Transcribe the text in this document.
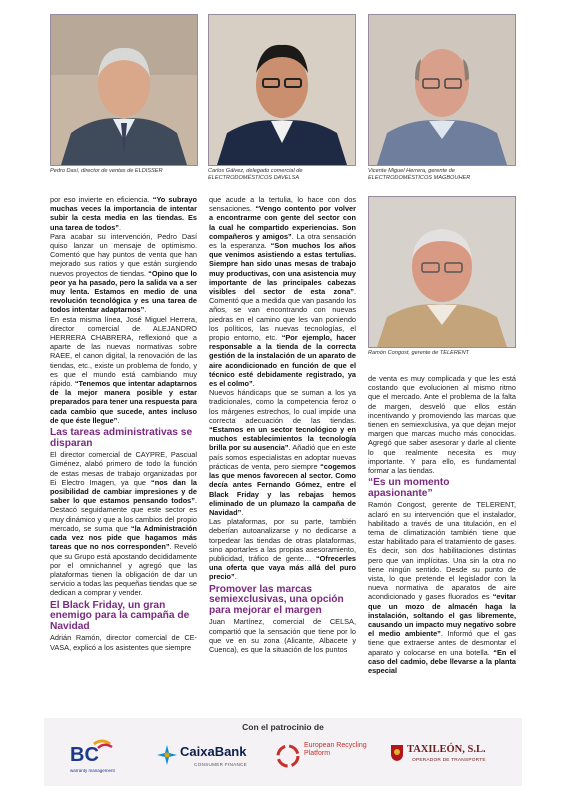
Pedro Dasí, director de ventas de ELDISSER	Carlos Gálvez, delegado comercial de ELECTRODOMÉSTICOS DAVELSA
Vicente Miguel Herrera, gerente de ELECTRODOMÉSTICOS MAGBOUHER
Ramón Congost, gerente de TELERENT

por eso invierte en eficiencia. “Yo subrayo muchas veces la importancia de intentar subir la cesta media en las tiendas. Es una tarea de todos”.

Para acabar su intervención, Pedro Dasí quiso lanzar un mensaje de optimismo. Comentó que hay puntos de venta que han mejorado sus ratios y que están surgiendo nuevos proyectos de tiendas. “Opino que lo peor ya ha pasado, pero la salida va a ser muy lenta. Estamos en medio de una revolución tecnológica y es una tarea de todos intentar adaptarnos”.

En esta misma línea, José Miguel Herrera, director comercial de ALEJANDRO HERRERA CHABRERA, reflexionó que a aparte de las nuevas normativas sobre RAEE, el canon digital, la renovación de las tiendas, etc., existe un problema de fondo, y es que el mundo está cambiando muy rápido. “Tenemos que intentar adaptarnos de la mejor manera posible y estar preparados para tener una respuesta para cada cambio que sucede, antes incluso de que éste llegue”.

Las tareas administrativas se disparan

El director comercial de CAYPRE, Pascual Giménez, alabó primero de todo la función de estas mesas de trabajo organizadas por Ei Electro Imagen, ya que “nos dan la posibilidad de cambiar impresiones y de saber lo que estamos pensando todos”. Destacó seguidamente que este sector es muy dinámico y que a los cambios del propio mercado, se suma que “la Administración cada vez nos pide que hagamos más tareas que no nos corresponden”. Reveló que su Grupo está apostando decididamente por el omnichannel y agregó que las plataformas tienen la obligación de dar un servicio a todas las pequeñas tiendas que se dedican a comprar y vender.

El Black Friday, un gran enemigo para la campaña de Navidad

Adrián Ramón, director comercial de CE-VASA, explicó a los asistentes que siempre

que acude a la tertulia, lo hace con dos sensaciones. “Vengo contento por volver a encontrarme con gente del sector con la cual he compartido experiencias. Son compañeros y amigos”. La otra sensación es la esperanza. “Son muchos los años que venimos asistiendo a estas tertulias. Siempre han sido unas mesas de trabajo muy productivas, con una asistencia muy importante de las principales cabezas visibles del sector de esta zona”. Comentó que a medida que van pasando los años, se van encontrando con nuevas piedras en el camino que les van poniendo los políticos, las nuevas tecnologías, el propio entorno, etc. “Por ejemplo, hacer responsable a la tienda de la correcta gestión de la instalación de un aparato de aire acondicionado en función de que el técnico esté debidamente registrado, ya es el colmo”.

Nuevos hándicaps que se suman a los ya tradicionales, como la competencia feroz o los márgenes estrechos, lo cual impide una correcta adecuación de las tiendas. “Estamos en un sector tecnológico y en muchos establecimientos la tecnología brilla por su ausencia”. Añadió que en este país somos especialistas en adoptar nuevas prácticas de venta, pero siempre “cogemos las que menos favorecen al sector. Como decía antes Fernando Gómez, entre el Black Friday y las rebajas hemos eliminado de un plumazo la campaña de Navidad”.

Las plataformas, por su parte, también deberían autoanalizarse y no dedicarse a torpedear las tiendas de otras plataformas, sino aportarles a las propias asesoramiento, publicidad, tráfico de gente… “Ofrecerles una oferta que vaya más allá del puro precio”.

Promover las marcas semiexclusivas, una opción para mejorar el margen

Juan Martínez, comercial de CELSA, compartió que la sensación que tiene por lo que ve en su zona (Alicante, Albacete y Cuenca), es que la situación de los puntos

de venta es muy complicada y que les está costando que evolucionen al mismo ritmo que el mercado. Ante el problema de la falta de margen, desveló que ellos están incentivando y promoviendo las marcas que tienen en semiexclusiva, ya que dejan mejor margen que marcas mucho más conocidas. Agregó que saber asesorar y darle al cliente lo que realmente necesita es muy importante. Y para ello, es fundamental formar a las tiendas.

“Es un momento apasionante”

Ramón Congost, gerente de TELERENT, aclaró en su intervención que el instalador, habilitado a través de una titulación, en el tema de climatización también tiene que estar habilitado para el tratamiento de gases. Es decir, son dos habilitaciones distintas pero que van implícitas. Una sin la otra no tiene ningún sentido. Desde su punto de vista, lo que pretende el legislador con la nueva normativa de aparatos de aire acondicionado y gases fluorados es “evitar que un mozo de almacén haga la instalación, soltando el gas libremente, causando un impacto muy negativo sobre el medio ambiente”. Informó que el gas tiene que extraerse antes de desmontar el aparato y colocarse en una botella. “En el caso del cadmio, debe llevarse a la planta especial

Con el patrocinio de
BC
warranty management
CaixaBank
CONSUMER FINANCE
European Recycling Platform	TAXILEÓN, S.L.
OPERADOR DE TRANSPORTE
